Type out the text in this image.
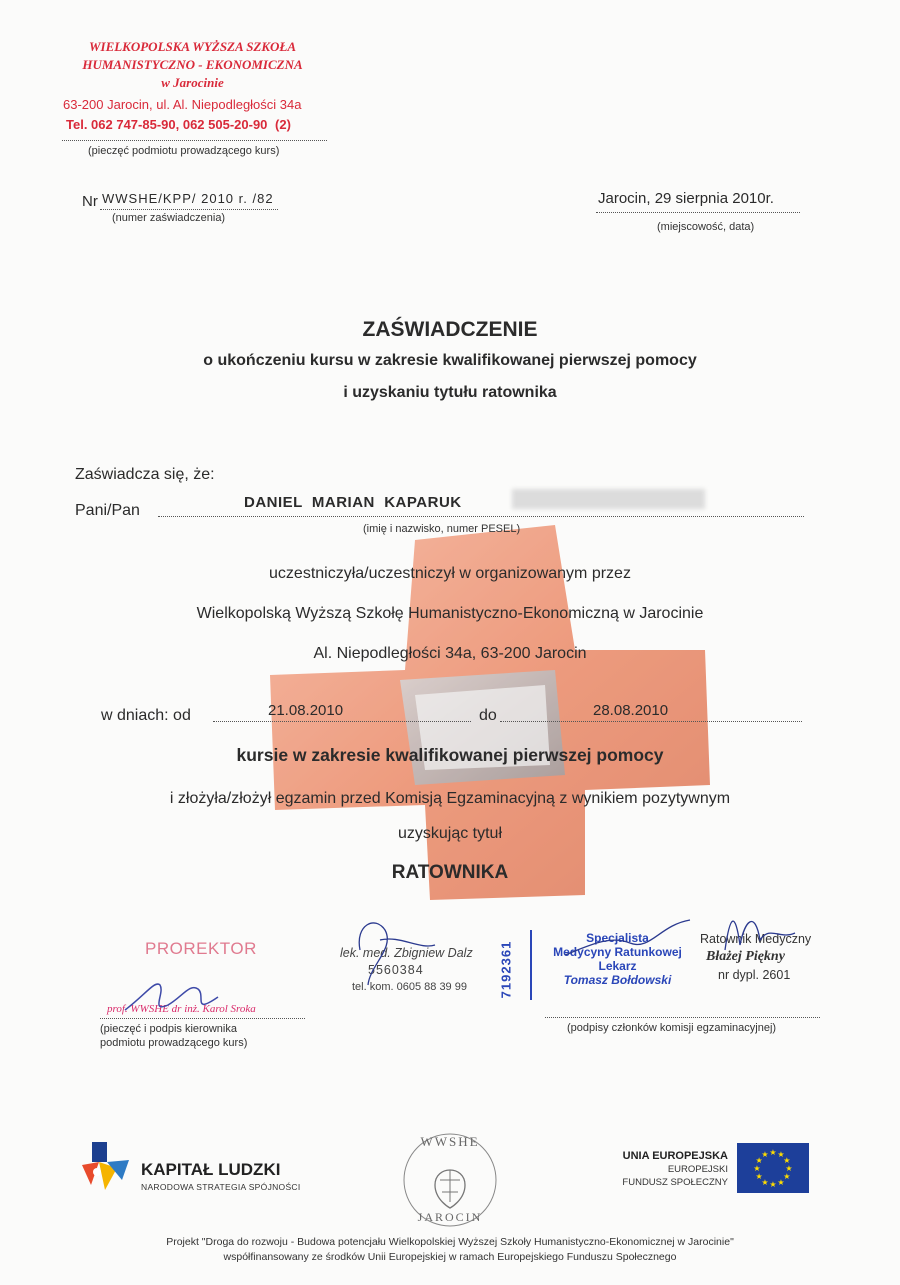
WIELKOPOLSKA WYŻSZA SZKOŁA
HUMANISTYCZNO - EKONOMICZNA
w Jarocinie
63-200 Jarocin, ul. Al. Niepodległości 34a
Tel. 062 747-85-90, 062 505-20-90 (2)
(pieczęć podmiotu prowadzącego kurs)
Nr WWSHE/KPP/ 2010 r. /82
(numer zaświadczenia)
Jarocin, 29 sierpnia 2010r.
(miejscowość, data)
ZAŚWIADCZENIE
o ukończeniu kursu w zakresie kwalifikowanej pierwszej pomocy
i uzyskaniu tytułu ratownika
Zaświadcza się, że:
Pani/Pan	DANIEL  MARIAN  KAPARUK
(imię i nazwisko, numer PESEL)
uczestniczyła/uczestniczył w organizowanym przez
Wielkopolską Wyższą Szkołę Humanistyczno-Ekonomiczną w Jarocinie
Al. Niepodległości 34a, 63-200 Jarocin
w dniach: od	21.08.2010	do	28.08.2010
kursie w zakresie kwalifikowanej pierwszej pomocy
i złożyła/złożył egzamin przed Komisją Egzaminacyjną z wynikiem pozytywnym
uzyskując tytuł
RATOWNIKA
PROREKTOR
prof. WWSHE dr inż. Karol Sroka
(pieczęć i podpis kierownika
podmiotu prowadzącego kurs)
lek. med. Zbigniew Dalz
5560384
tel. kom. 0605 88 39 99	7192361
Specjalista
Medycyny Ratunkowej
Lekarz
Tomasz Bołdowski
Ratownik Medyczny
Błażej Piękny
nr dypl. 2601
(podpisy członków komisji egzaminacyjnej)
KAPITAŁ LUDZKI
NARODOWA STRATEGIA SPÓJNOŚCI
WWSHE
JAROCIN
UNIA EUROPEJSKA
EUROPEJSKI
FUNDUSZ SPOŁECZNY
★
★
★
★
★
★
★
★
★ ★ ★
★
Projekt "Droga do rozwoju - Budowa potencjału Wielkopolskiej Wyższej Szkoły Humanistyczno-Ekonomicznej w Jarocinie"
współfinansowany ze środków Unii Europejskiej w ramach Europejskiego Funduszu Społecznego
